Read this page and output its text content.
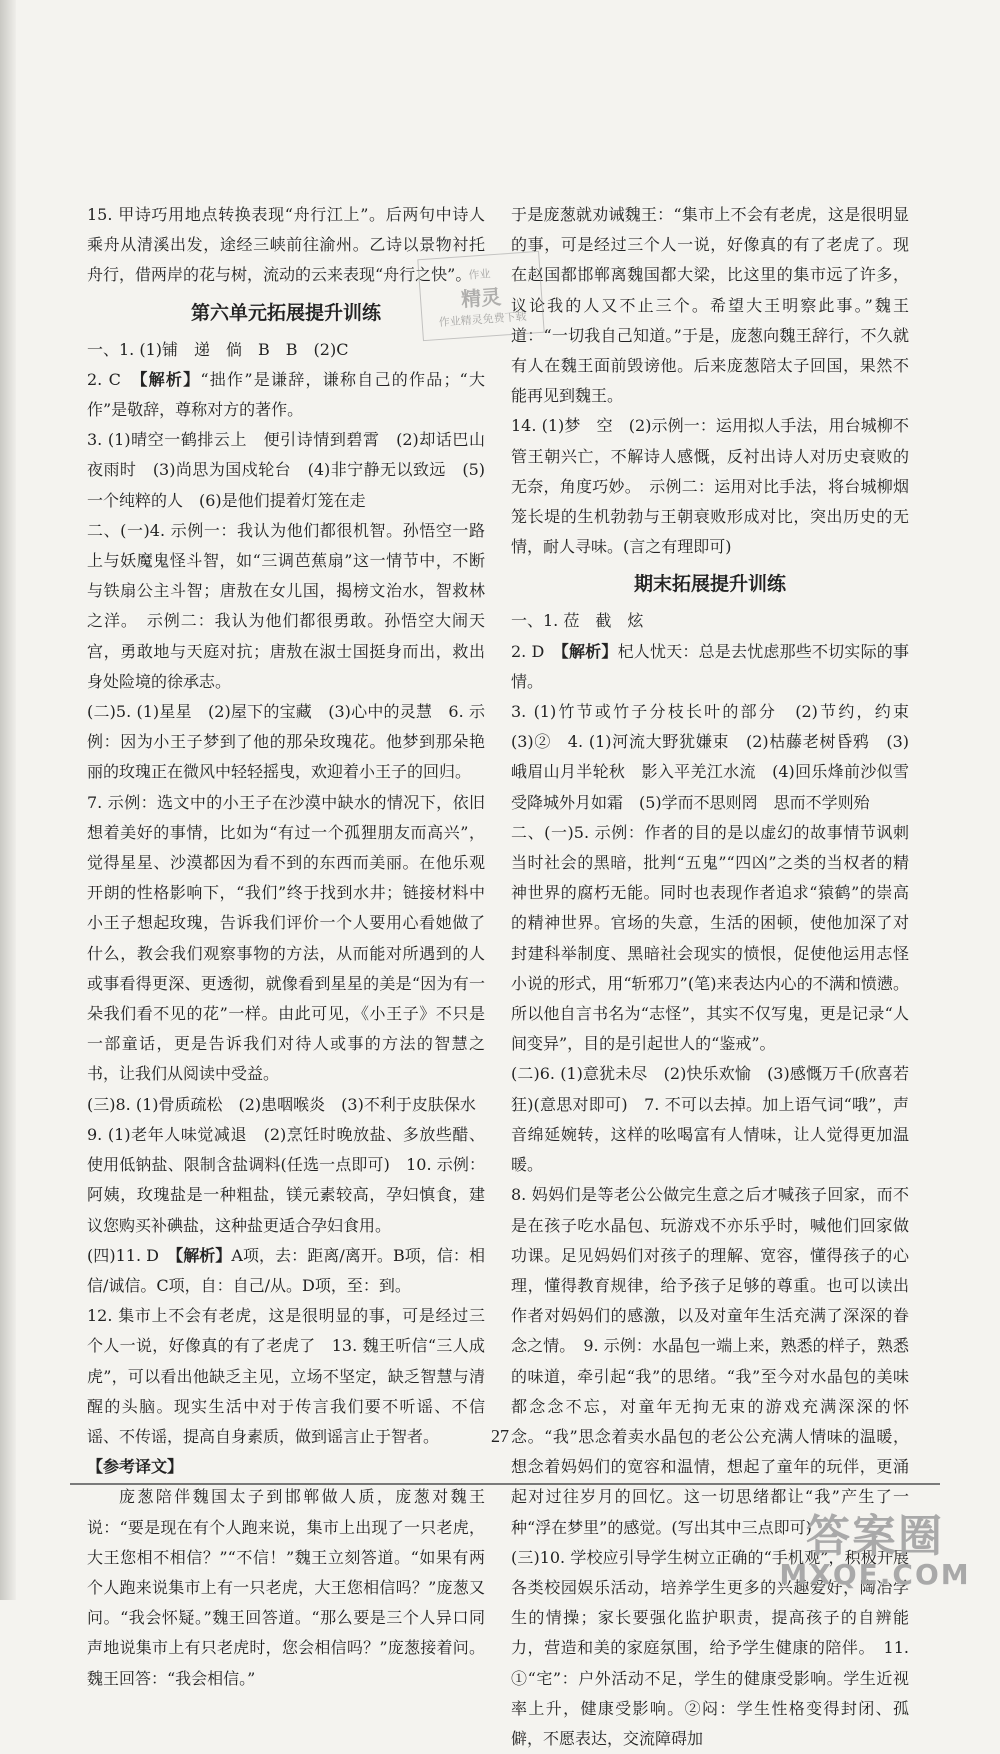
15. 甲诗巧用地点转换表现“舟行江上”。后两句中诗人乘舟从清溪出发，途经三峡前往渝州。乙诗以景物衬托舟行，借两岸的花与树，流动的云来表现“舟行之快”。

第六单元拓展提升训练

一、1. (1)铺　递　倘　B　B　(2)C

2. C　【解析】“拙作”是谦辞，谦称自己的作品；“大作”是敬辞，尊称对方的著作。

3. (1)晴空一鹤排云上　便引诗情到碧霄　(2)却话巴山夜雨时　(3)尚思为国戍轮台　(4)非宁静无以致远　(5)一个纯粹的人　(6)是他们提着灯笼在走

二、(一)4. 示例一：我认为他们都很机智。孙悟空一路上与妖魔鬼怪斗智，如“三调芭蕉扇”这一情节中，不断与铁扇公主斗智；唐敖在女儿国，揭榜文治水，智救林之洋。　示例二：我认为他们都很勇敢。孙悟空大闹天宫，勇敢地与天庭对抗；唐敖在淑士国挺身而出，救出身处险境的徐承志。

(二)5. (1)星星　(2)屋下的宝藏　(3)心中的灵慧　6. 示例：因为小王子梦到了他的那朵玫瑰花。他梦到那朵艳丽的玫瑰正在微风中轻轻摇曳，欢迎着小王子的回归。

7. 示例：选文中的小王子在沙漠中缺水的情况下，依旧想着美好的事情，比如为“有过一个孤狸朋友而高兴”，觉得星星、沙漠都因为看不到的东西而美丽。在他乐观开朗的性格影响下，“我们”终于找到水井；链接材料中小王子想起玫瑰，告诉我们评价一个人要用心看她做了什么，教会我们观察事物的方法，从而能对所遇到的人或事看得更深、更透彻，就像看到星星的美是“因为有一朵我们看不见的花”一样。由此可见，《小王子》不只是一部童话，更是告诉我们对待人或事的方法的智慧之书，让我们从阅读中受益。

(三)8. (1)骨质疏松　(2)患咽喉炎　(3)不利于皮肤保水

9. (1)老年人味觉减退　(2)烹饪时晚放盐、多放些醋、使用低钠盐、限制含盐调料(任选一点即可)　10. 示例：阿姨，玫瑰盐是一种粗盐，镁元素较高，孕妇慎食，建议您购买补碘盐，这种盐更适合孕妇食用。

(四)11. D　【解析】A项，去：距离/离开。B项，信：相信/诚信。C项，自：自己/从。D项，至：到。

12. 集市上不会有老虎，这是很明显的事，可是经过三个人一说，好像真的有了老虎了　13. 魏王听信“三人成虎”，可以看出他缺乏主见，立场不坚定，缺乏智慧与清醒的头脑。现实生活中对于传言我们要不听谣、不信谣、不传谣，提高自身素质，做到谣言止于智者。

【参考译文】

庞葱陪伴魏国太子到邯郸做人质，庞葱对魏王说：“要是现在有个人跑来说，集市上出现了一只老虎，大王您相不相信？”“不信！”魏王立刻答道。“如果有两个人跑来说集市上有一只老虎，大王您相信吗？”庞葱又问。“我会怀疑。”魏王回答道。“那么要是三个人异口同声地说集市上有只老虎时，您会相信吗？”庞葱接着问。魏王回答：“我会相信。”

于是庞葱就劝诫魏王：“集市上不会有老虎，这是很明显的事，可是经过三个人一说，好像真的有了老虎了。现在赵国都邯郸离魏国都大梁，比这里的集市远了许多，议论我的人又不止三个。希望大王明察此事。”魏王道：“一切我自己知道。”于是，庞葱向魏王辞行，不久就有人在魏王面前毁谤他。后来庞葱陪太子回国，果然不能再见到魏王。

14. (1)梦　空　(2)示例一：运用拟人手法，用台城柳不管王朝兴亡，不解诗人感慨，反衬出诗人对历史衰败的无奈，角度巧妙。　示例二：运用对比手法，将台城柳烟笼长堤的生机勃勃与王朝衰败形成对比，突出历史的无情，耐人寻味。(言之有理即可)

期末拓展提升训练

一、1. 莅　截　炫

2. D　【解析】杞人忧天：总是去忧虑那些不切实际的事情。

3. (1)竹节或竹子分枝长叶的部分　(2)节约，约束　(3)②　4. (1)河流大野犹嫌束　(2)枯藤老树昏鸦　(3)峨眉山月半轮秋　影入平羌江水流　(4)回乐烽前沙似雪　受降城外月如霜　(5)学而不思则罔　思而不学则殆

二、(一)5. 示例：作者的目的是以虚幻的故事情节讽刺当时社会的黑暗，批判“五鬼”“四凶”之类的当权者的精神世界的腐朽无能。同时也表现作者追求“猿鹤”的崇高的精神世界。官场的失意，生活的困顿，使他加深了对封建科举制度、黑暗社会现实的愤恨，促使他运用志怪小说的形式，用“斩邪刀”(笔)来表达内心的不满和愤懑。所以他自言书名为“志怪”，其实不仅写鬼，更是记录“人间变异”，目的是引起世人的“鉴戒”。

(二)6. (1)意犹未尽　(2)快乐欢愉　(3)感慨万千(欣喜若狂)(意思对即可)　7. 不可以去掉。加上语气词“哦”，声音绵延婉转，这样的吆喝富有人情味，让人觉得更加温暖。

8. 妈妈们是等老公公做完生意之后才喊孩子回家，而不是在孩子吃水晶包、玩游戏不亦乐乎时，喊他们回家做功课。足见妈妈们对孩子的理解、宽容，懂得孩子的心理，懂得教育规律，给予孩子足够的尊重。也可以读出作者对妈妈们的感激，以及对童年生活充满了深深的眷念之情。　9. 示例：水晶包一端上来，熟悉的样子，熟悉的味道，牵引起“我”的思绪。“我”至今对水晶包的美味都念念不忘，对童年无拘无束的游戏充满深深的怀念。“我”思念着卖水晶包的老公公充满人情味的温暖，想念着妈妈们的宽容和温情，想起了童年的玩伴，更涌起对过往岁月的回忆。这一切思绪都让“我”产生了一种“浮在梦里”的感觉。(写出其中三点即可)

(三)10. 学校应引导学生树立正确的“手机观”，积极开展各类校园娱乐活动，培养学生更多的兴趣爱好，陶冶学生的情操；家长要强化监护职责，提高孩子的自辨能力，营造和美的家庭氛围，给予学生健康的陪伴。　11. ①“宅”：户外活动不足，学生的健康受影响。学生近视率上升，健康受影响。②闷：学生性格变得封闭、孤僻，不愿表达，交流障碍加

作业
精灵
作业精灵免费下载
27
答案圈
MXQE.COM
